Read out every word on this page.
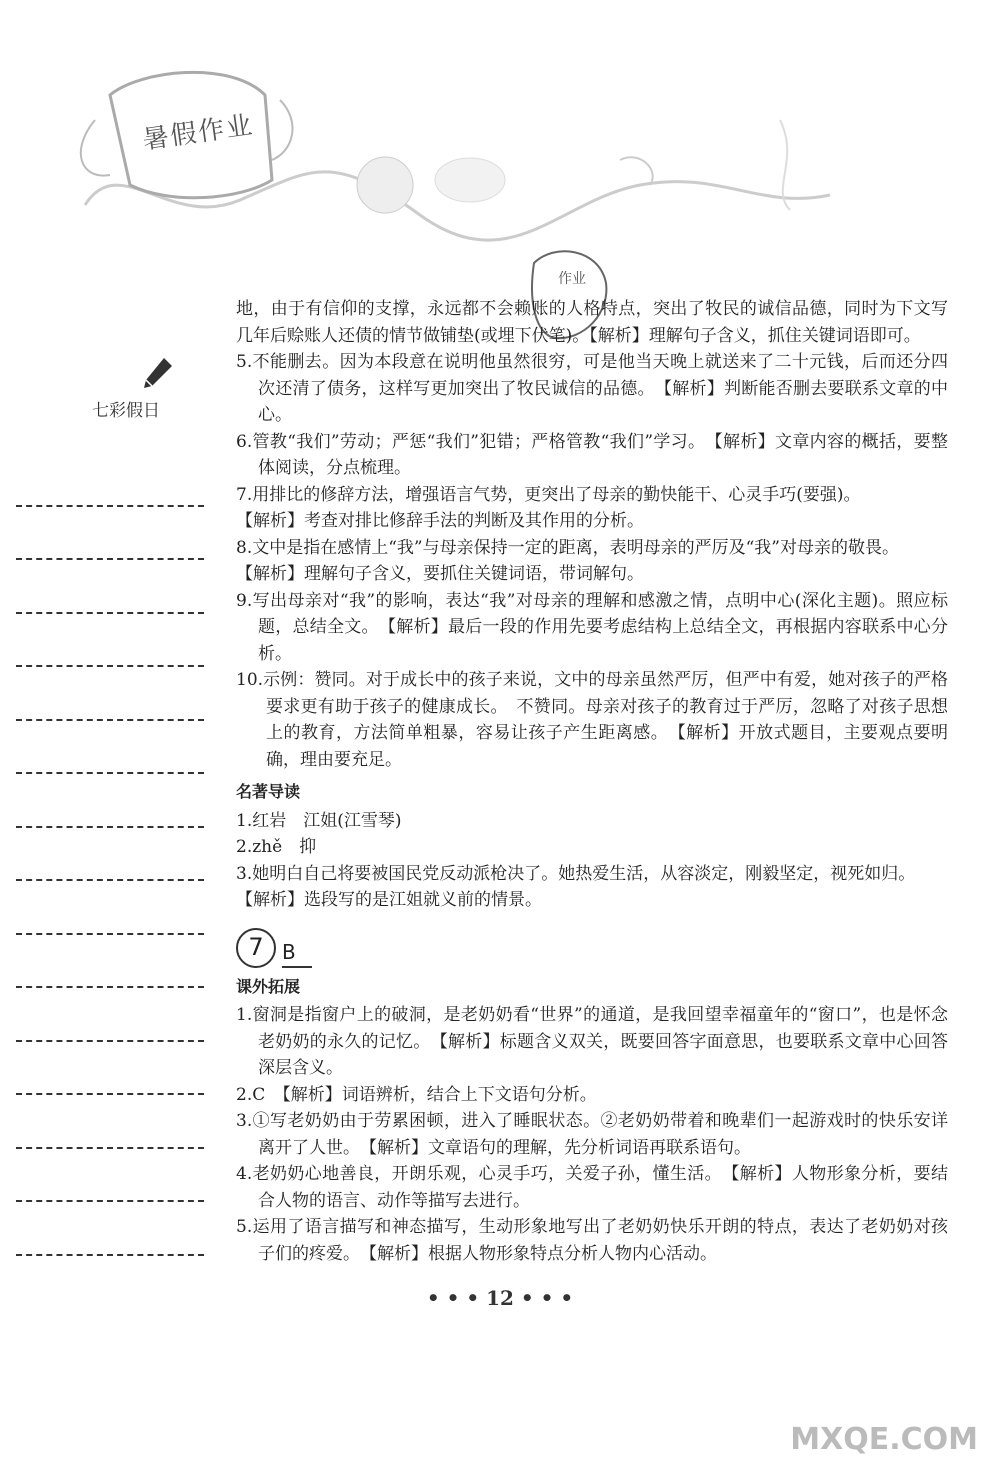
暑假作业
作业
七彩假日
地，由于有信仰的支撑，永远都不会赖账的人格特点，突出了牧民的诚信品德，同时为下文写几年后赊账人还债的情节做铺垫(或埋下伏笔)。【解析】理解句子含义，抓住关键词语即可。
5.不能删去。因为本段意在说明他虽然很穷，可是他当天晚上就送来了二十元钱，后而还分四次还清了债务，这样写更加突出了牧民诚信的品德。　【解析】判断能否删去要联系文章的中心。
6.管教“我们”劳动；严惩“我们”犯错；严格管教“我们”学习。　【解析】文章内容的概括，要整体阅读，分点梳理。
7.用排比的修辞方法，增强语言气势，更突出了母亲的勤快能干、心灵手巧(要强)。
【解析】考查对排比修辞手法的判断及其作用的分析。
8.文中是指在感情上“我”与母亲保持一定的距离，表明母亲的严厉及“我”对母亲的敬畏。
【解析】理解句子含义，要抓住关键词语，带词解句。
9.写出母亲对“我”的影响，表达“我”对母亲的理解和感激之情，点明中心(深化主题)。照应标题，总结全文。　【解析】最后一段的作用先要考虑结构上总结全文，再根据内容联系中心分析。
10.示例：赞同。对于成长中的孩子来说，文中的母亲虽然严厉，但严中有爱，她对孩子的严格要求更有助于孩子的健康成长。　不赞同。母亲对孩子的教育过于严厉，忽略了对孩子思想上的教育，方法简单粗暴，容易让孩子产生距离感。　【解析】开放式题目，主要观点要明确，理由要充足。
名著导读
1.红岩　江姐(江雪琴)
2.zhě　抑
3.她明白自己将要被国民党反动派枪决了。她热爱生活，从容淡定，刚毅坚定，视死如归。
【解析】选段写的是江姐就义前的情景。
7 B
课外拓展
1.窗洞是指窗户上的破洞，是老奶奶看“世界”的通道，是我回望幸福童年的“窗口”，也是怀念老奶奶的永久的记忆。　【解析】标题含义双关，既要回答字面意思，也要联系文章中心回答深层含义。
2.C　【解析】词语辨析，结合上下文语句分析。
3.①写老奶奶由于劳累困顿，进入了睡眠状态。②老奶奶带着和晚辈们一起游戏时的快乐安详离开了人世。　【解析】文章语句的理解，先分析词语再联系语句。
4.老奶奶心地善良，开朗乐观，心灵手巧，关爱子孙，懂生活。　【解析】人物形象分析，要结合人物的语言、动作等描写去进行。
5.运用了语言描写和神态描写，生动形象地写出了老奶奶快乐开朗的特点，表达了老奶奶对孩子们的疼爱。　【解析】根据人物形象特点分析人物内心活动。
• • • 12 • • •
MXQE.COM
